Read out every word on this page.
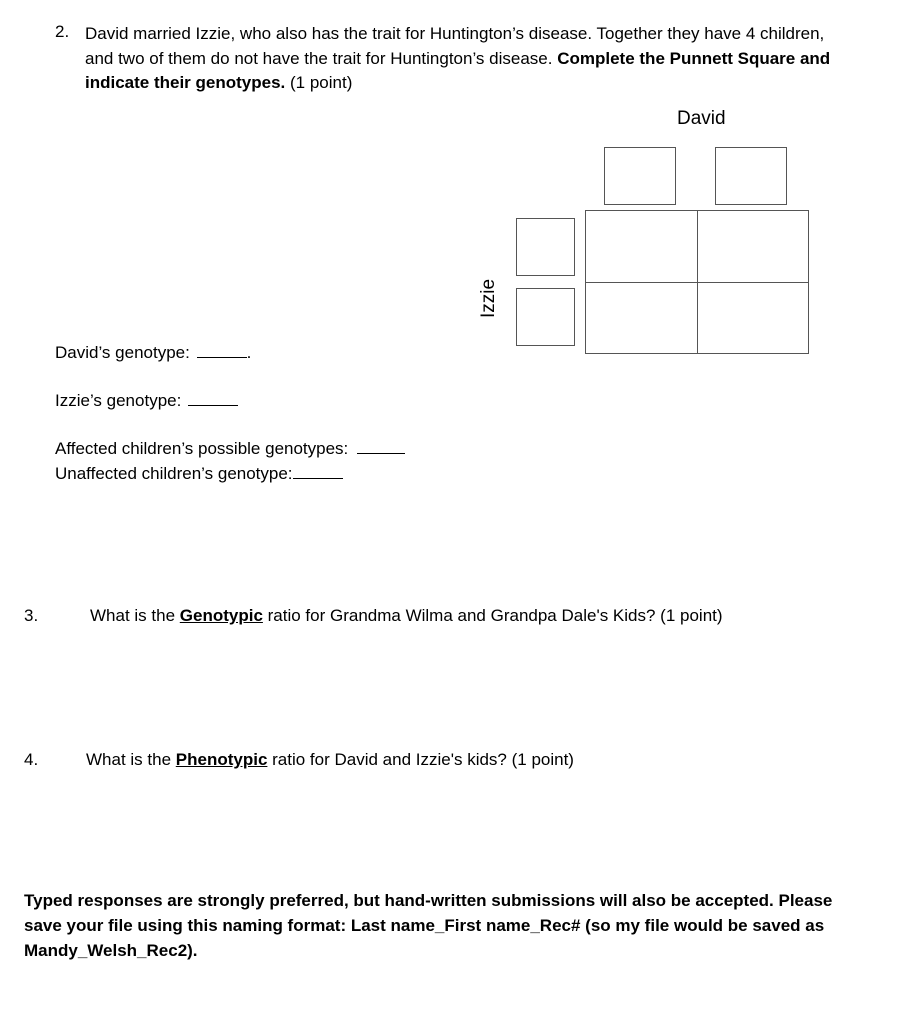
2. David married Izzie, who also has the trait for Huntington’s disease. Together they have 4 children, and two of them do not have the trait for Huntington’s disease. Complete the Punnett Square and indicate their genotypes. (1 point)
David
Izzie
David’s genotype:	.
Izzie’s genotype:
Affected children’s possible genotypes:
Unaffected children’s genotype:
3.	What is the Genotypic ratio for Grandma Wilma and Grandpa Dale's Kids? (1 point)
4.	What is the Phenotypic ratio for David and Izzie's kids? (1 point)
Typed responses are strongly preferred, but hand-written submissions will also be accepted. Please save your file using this naming format: Last name_First name_Rec# (so my file would be saved as Mandy_Welsh_Rec2).
